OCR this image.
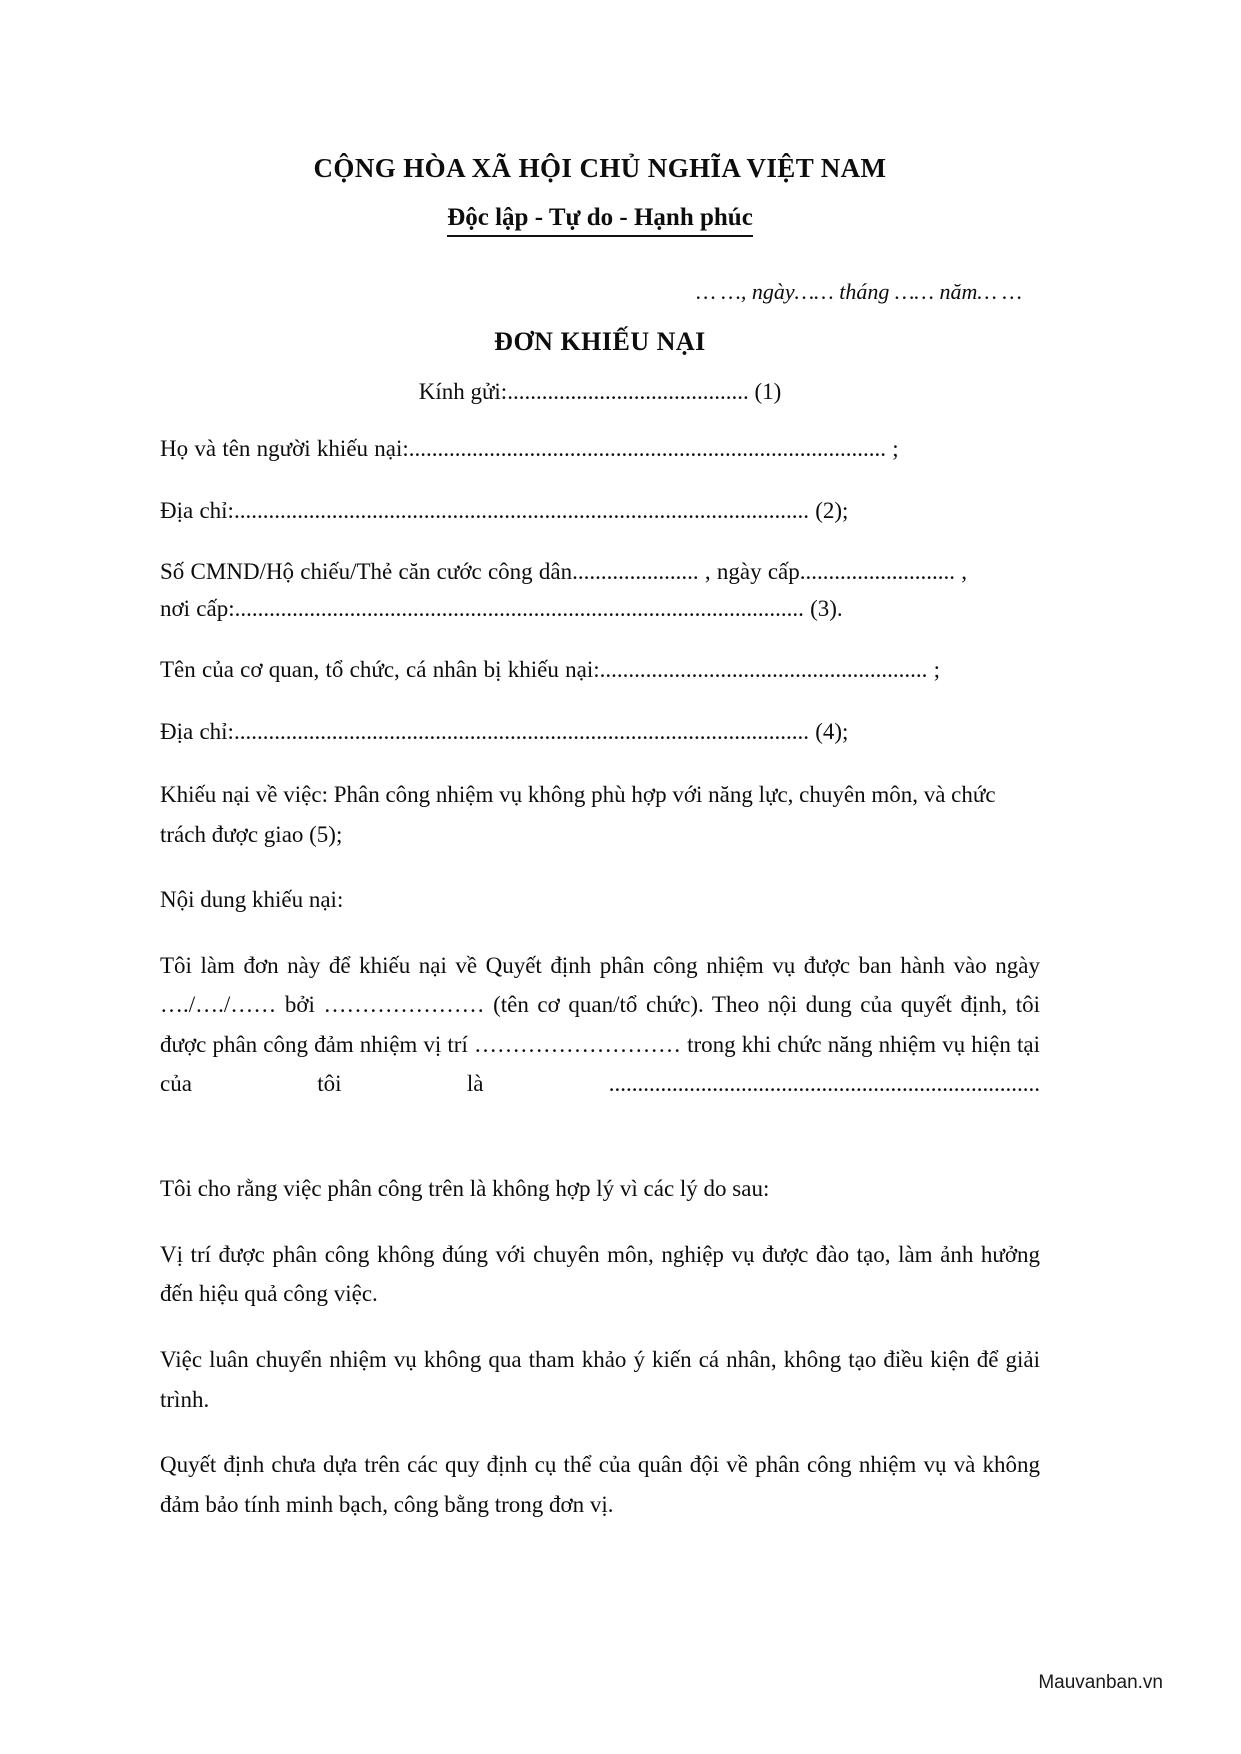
CỘNG HÒA XÃ HỘI CHỦ NGHĨA VIỆT NAM
Độc lập - Tự do - Hạnh phúc
… …, ngày…… tháng …… năm… …
ĐƠN KHIẾU NẠI
Kính gửi:.......................................... (1)
Họ và tên người khiếu nại:................................................................................... ;
Địa chỉ:.................................................................................................... (2);
Số CMND/Hộ chiếu/Thẻ căn cước công dân...................... , ngày cấp........................... ,
nơi cấp:................................................................................................... (3).
Tên của cơ quan, tổ chức, cá nhân bị khiếu nại:......................................................... ;
Địa chỉ:.................................................................................................... (4);
Khiếu nại về việc: Phân công nhiệm vụ không phù hợp với năng lực, chuyên môn, và chức trách được giao (5);
Nội dung khiếu nại:
Tôi làm đơn này để khiếu nại về Quyết định phân công nhiệm vụ được ban hành vào ngày …./…./…… bởi ………………… (tên cơ quan/tổ chức). Theo nội dung của quyết định, tôi được phân công đảm nhiệm vị trí ……………………… trong khi chức năng nhiệm vụ hiện tại của tôi là ...........................................................................
Tôi cho rằng việc phân công trên là không hợp lý vì các lý do sau:
Vị trí được phân công không đúng với chuyên môn, nghiệp vụ được đào tạo, làm ảnh hưởng đến hiệu quả công việc.
Việc luân chuyển nhiệm vụ không qua tham khảo ý kiến cá nhân, không tạo điều kiện để giải trình.
Quyết định chưa dựa trên các quy định cụ thể của quân đội về phân công nhiệm vụ và không đảm bảo tính minh bạch, công bằng trong đơn vị.
Mauvanban.vn
